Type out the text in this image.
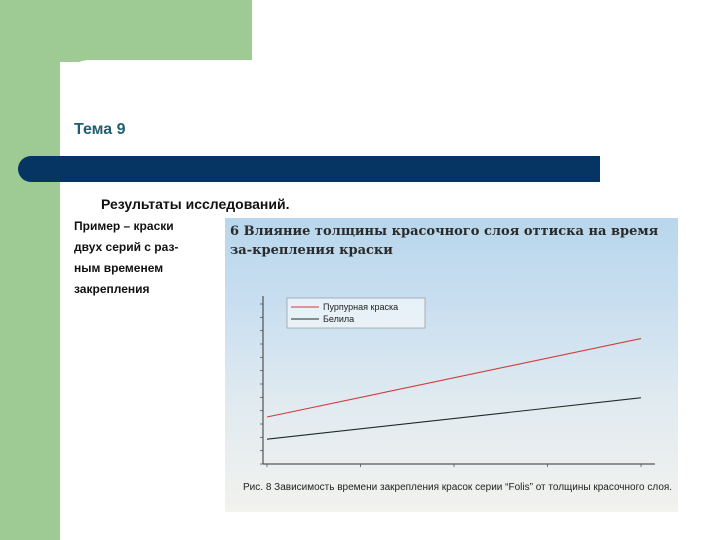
Тема 9
Результаты исследований.
Пример – краски
двух серий с раз-
ным временем
закрепления
6 Влияние толщины красочного слоя оттиска на время за-крепления краски
Пурпурная краска
Белила
Рис. 8 Зависимость времени закрепления красок серии “Folis” от толщины красочного слоя.
